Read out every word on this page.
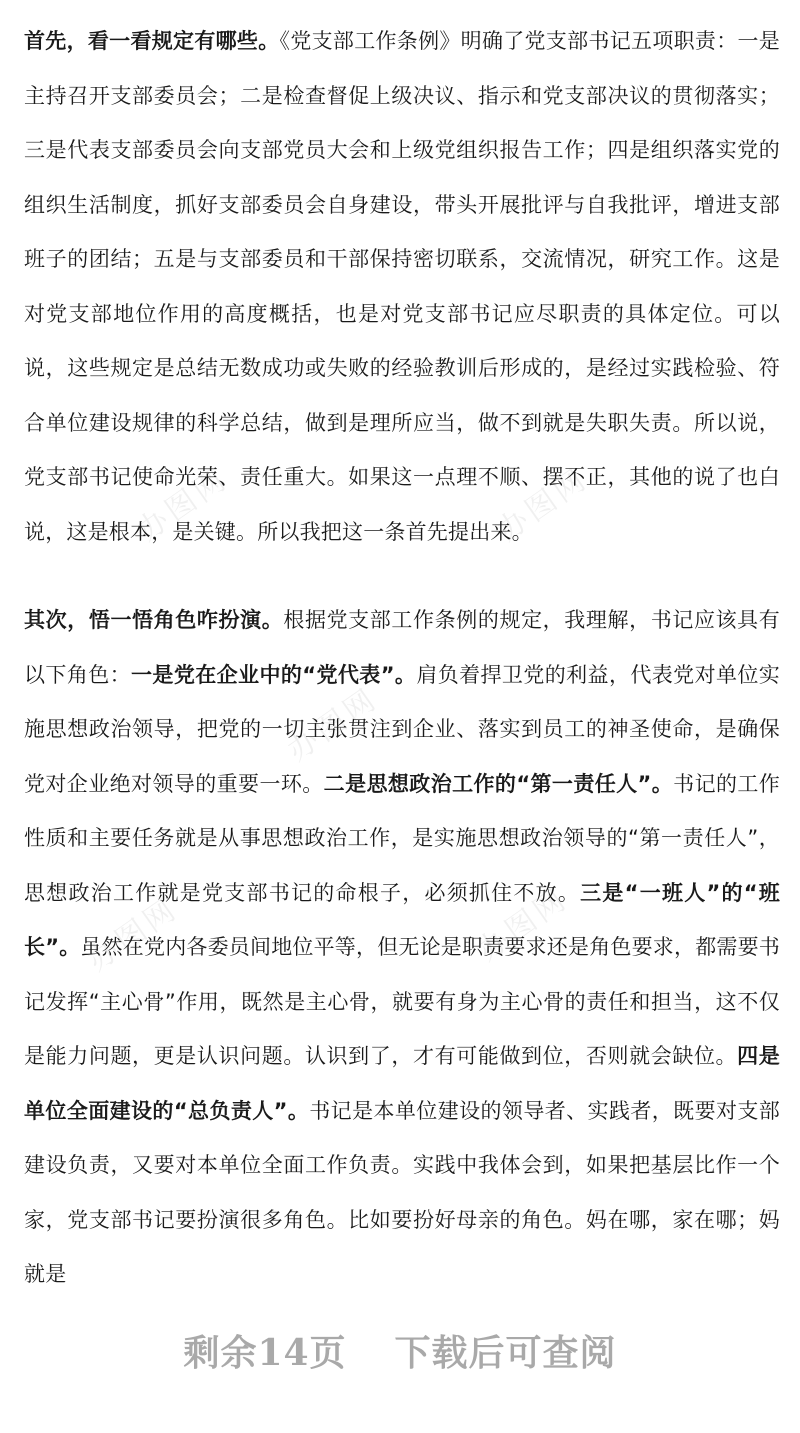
首先，看一看规定有哪些。《党支部工作条例》明确了党支部书记五项职责：一是主持召开支部委员会；二是检查督促上级决议、指示和党支部决议的贯彻落实；三是代表支部委员会向支部党员大会和上级党组织报告工作；四是组织落实党的组织生活制度，抓好支部委员会自身建设，带头开展批评与自我批评，增进支部班子的团结；五是与支部委员和干部保持密切联系，交流情况，研究工作。这是对党支部地位作用的高度概括，也是对党支部书记应尽职责的具体定位。可以说，这些规定是总结无数成功或失败的经验教训后形成的，是经过实践检验、符合单位建设规律的科学总结，做到是理所应当，做不到就是失职失责。所以说，党支部书记使命光荣、责任重大。如果这一点理不顺、摆不正，其他的说了也白说，这是根本，是关键。所以我把这一条首先提出来。

其次，悟一悟角色咋扮演。根据党支部工作条例的规定，我理解，书记应该具有以下角色：一是党在企业中的“党代表”。肩负着捍卫党的利益，代表党对单位实施思想政治领导，把党的一切主张贯注到企业、落实到员工的神圣使命，是确保党对企业绝对领导的重要一环。二是思想政治工作的“第一责任人”。书记的工作性质和主要任务就是从事思想政治工作，是实施思想政治领导的“第一责任人”，思想政治工作就是党支部书记的命根子，必须抓住不放。三是“一班人”的“班长”。虽然在党内各委员间地位平等，但无论是职责要求还是角色要求，都需要书记发挥“主心骨”作用，既然是主心骨，就要有身为主心骨的责任和担当，这不仅是能力问题，更是认识问题。认识到了，才有可能做到位，否则就会缺位。四是单位全面建设的“总负责人”。书记是本单位建设的领导者、实践者，既要对支部建设负责，又要对本单位全面工作负责。实践中我体会到，如果把基层比作一个家，党支部书记要扮演很多角色。比如要扮好母亲的角色。妈在哪，家在哪；妈就是

办图网	办图网
办图网
办图网	办图网
剩余14页 下载后可查阅
